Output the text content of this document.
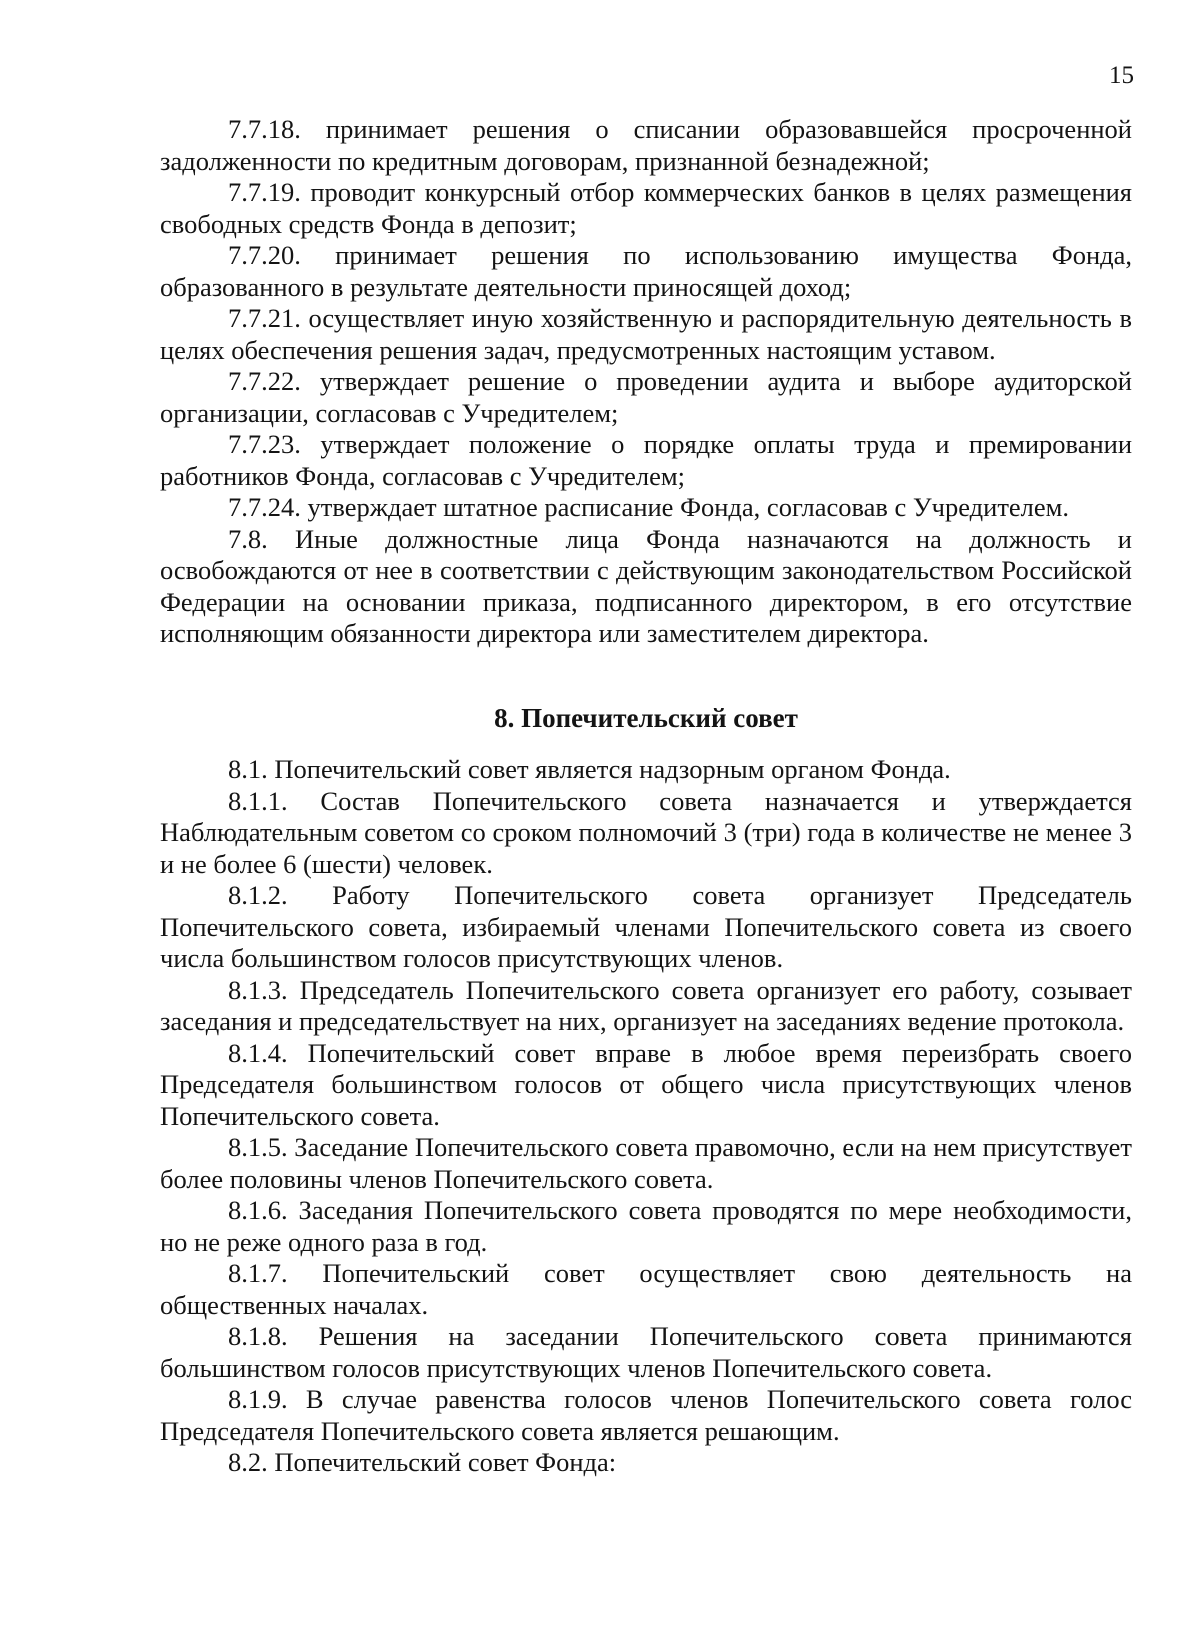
15

7.7.18. принимает решения о списании образовавшейся просроченной задолженности по кредитным договорам, признанной безнадежной;

7.7.19. проводит конкурсный отбор коммерческих банков в целях размещения свободных средств Фонда в депозит;

7.7.20. принимает решения по использованию имущества Фонда, образованного в результате деятельности приносящей доход;

7.7.21. осуществляет иную хозяйственную и распорядительную деятельность в целях обеспечения решения задач, предусмотренных настоящим уставом.

7.7.22. утверждает решение о проведении аудита и выборе аудиторской организации, согласовав с Учредителем;

7.7.23. утверждает положение о порядке оплаты труда и премировании работников Фонда, согласовав с Учредителем;

7.7.24. утверждает штатное расписание Фонда, согласовав с Учредителем.

7.8. Иные должностные лица Фонда назначаются на должность и освобождаются от нее в соответствии с действующим законодательством Российской Федерации на основании приказа, подписанного директором, в его отсутствие исполняющим обязанности директора или заместителем директора.

8. Попечительский совет

8.1. Попечительский совет является надзорным органом Фонда.

8.1.1. Состав Попечительского совета назначается и утверждается Наблюдательным советом со сроком полномочий 3 (три) года в количестве не менее 3 и не более 6 (шести) человек.

8.1.2. Работу Попечительского совета организует Председатель Попечительского совета, избираемый членами Попечительского совета из своего числа большинством голосов присутствующих членов.

8.1.3. Председатель Попечительского совета организует его работу, созывает заседания и председательствует на них, организует на заседаниях ведение протокола.

8.1.4. Попечительский совет вправе в любое время переизбрать своего Председателя большинством голосов от общего числа присутствующих членов Попечительского совета.

8.1.5. Заседание Попечительского совета правомочно, если на нем присутствует более половины членов Попечительского совета.

8.1.6. Заседания Попечительского совета проводятся по мере необходимости, но не реже одного раза в год.

8.1.7. Попечительский совет осуществляет свою деятельность на общественных началах.

8.1.8. Решения на заседании Попечительского совета принимаются большинством голосов присутствующих членов Попечительского совета.

8.1.9. В случае равенства голосов членов Попечительского совета голос Председателя Попечительского совета является решающим.

8.2. Попечительский совет Фонда:
